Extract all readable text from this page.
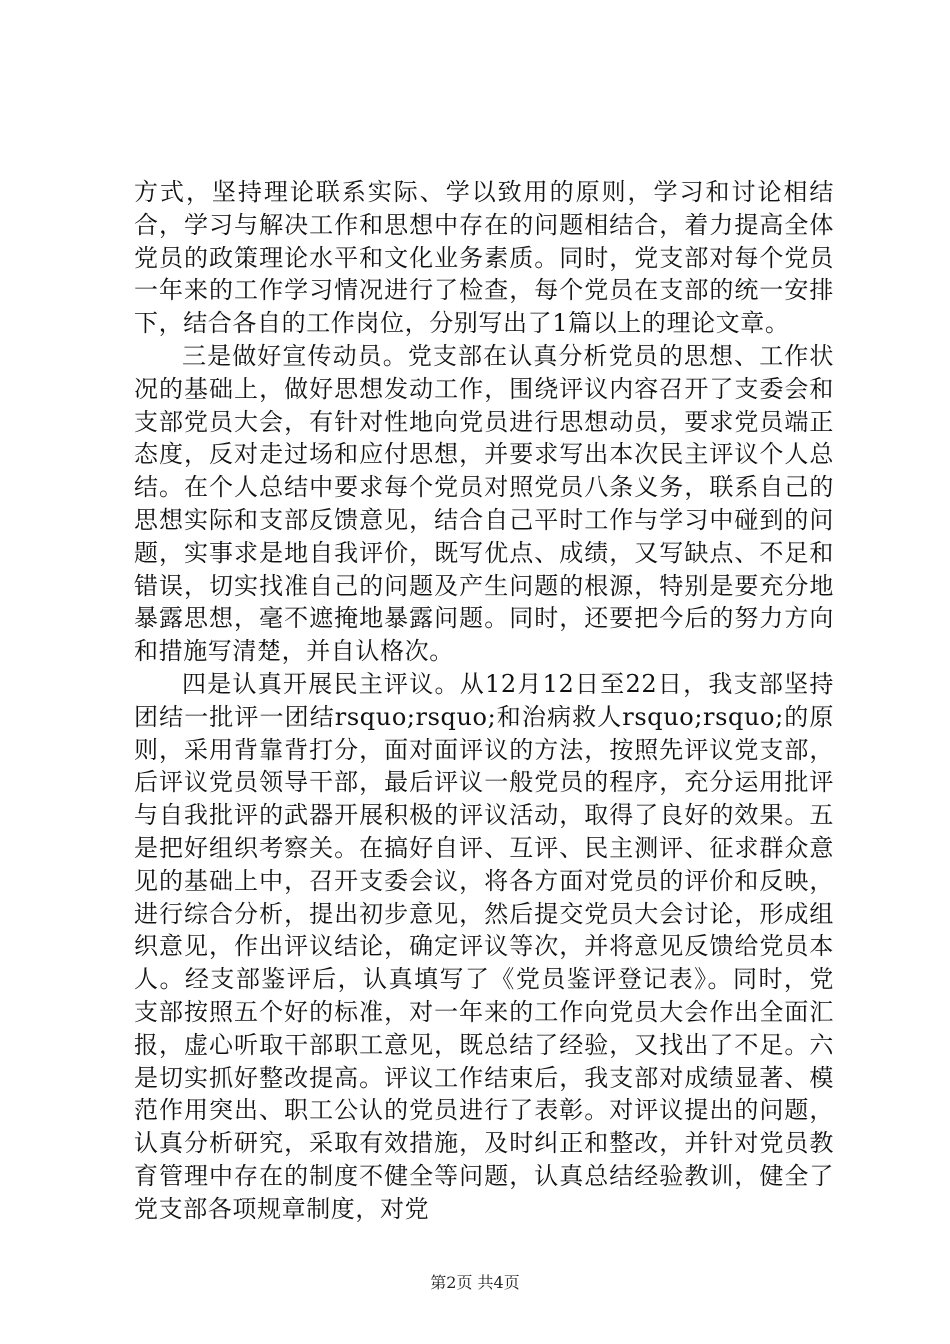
方式，坚持理论联系实际、学以致用的原则，学习和讨论相结合，学习与解决工作和思想中存在的问题相结合，着力提高全体党员的政策理论水平和文化业务素质。同时，党支部对每个党员一年来的工作学习情况进行了检查，每个党员在支部的统一安排下，结合各自的工作岗位，分别写出了1篇以上的理论文章。

三是做好宣传动员。党支部在认真分析党员的思想、工作状况的基础上，做好思想发动工作，围绕评议内容召开了支委会和支部党员大会，有针对性地向党员进行思想动员，要求党员端正态度，反对走过场和应付思想，并要求写出本次民主评议个人总结。在个人总结中要求每个党员对照党员八条义务，联系自己的思想实际和支部反馈意见，结合自己平时工作与学习中碰到的问题，实事求是地自我评价，既写优点、成绩，又写缺点、不足和错误，切实找准自己的问题及产生问题的根源，特别是要充分地暴露思想，毫不遮掩地暴露问题。同时，还要把今后的努力方向和措施写清楚，并自认格次。

四是认真开展民主评议。从12月12日至22日，我支部坚持团结一批评一团结rsquo;rsquo;和治病救人rsquo;rsquo;的原则，采用背靠背打分，面对面评议的方法，按照先评议党支部，后评议党员领导干部，最后评议一般党员的程序，充分运用批评与自我批评的武器开展积极的评议活动，取得了良好的效果。五是把好组织考察关。在搞好自评、互评、民主测评、征求群众意见的基础上中，召开支委会议，将各方面对党员的评价和反映，进行综合分析，提出初步意见，然后提交党员大会讨论，形成组织意见，作出评议结论，确定评议等次，并将意见反馈给党员本人。经支部鉴评后，认真填写了《党员鉴评登记表》。同时，党支部按照五个好的标准，对一年来的工作向党员大会作出全面汇报，虚心听取干部职工意见，既总结了经验，又找出了不足。六是切实抓好整改提高。评议工作结束后，我支部对成绩显著、模范作用突出、职工公认的党员进行了表彰。对评议提出的问题，认真分析研究，采取有效措施，及时纠正和整改，并针对党员教育管理中存在的制度不健全等问题，认真总结经验教训，健全了党支部各项规章制度，对党

第2页 共4页
